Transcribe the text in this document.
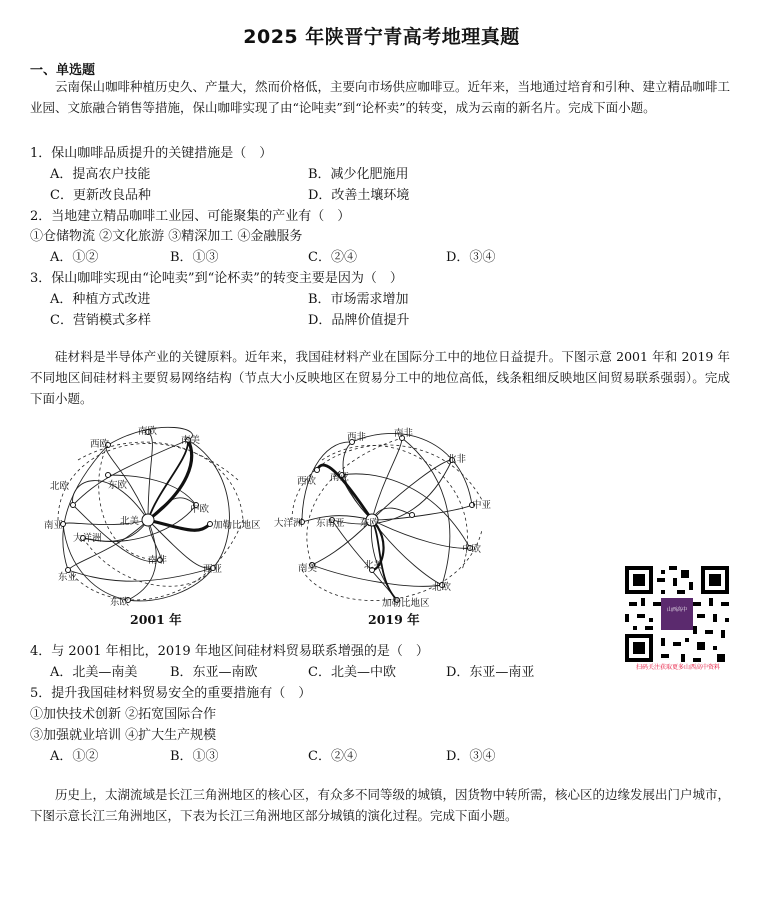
2025 年陕晋宁青高考地理真题
一、单选题
云南保山咖啡种植历史久、产量大，然而价格低，主要向市场供应咖啡豆。近年来，当地通过培育和引种、建立精品咖啡工业园、文旅融合销售等措施，保山咖啡实现了由“论吨卖”到“论杯卖”的转变，成为云南的新名片。完成下面小题。
1．保山咖啡品质提升的关键措施是（　）
A．提高农户技能	B．减少化肥施用
C．更新改良品种	D．改善土壤环境
2．当地建立精品咖啡工业园、可能聚集的产业有（　）
①仓储物流 ②文化旅游 ③精深加工 ④金融服务
A．①②	B．①③	C．②④	D．③④
3．保山咖啡实现由“论吨卖”到“论杯卖”的转变主要是因为（　）
A．种植方式改进	B．市场需求增加
C．营销模式多样	D．品牌价值提升
硅材料是半导体产业的关键原料。近年来，我国硅材料产业在国际分工中的地位日益提升。下图示意 2001 年和 2019 年不同地区间硅材料主要贸易网络结构（节点大小反映地区在贸易分工中的地位高低，线条粗细反映地区间贸易联系强弱）。完成下面小题。
南欧
南美
西欧
北欧	东欧
中欧
北美	加勒比地区
南亚
南非
大洋洲
西亚
东亚
东欧
2001 年
西非	南非
北非
南亚
西欧
中亚
大洋洲 东南亚 东欧
中欧
南美	北美
北欧
加勒比地区
2019 年
山西高中
扫码关注获取更多山西高中资料
4．与 2001 年相比，2019 年地区间硅材料贸易联系增强的是（　）
A．北美—南美	B．东亚—南欧	C．北美—中欧	D．东亚—南亚
5．提升我国硅材料贸易安全的重要措施有（　）
①加快技术创新 ②拓宽国际合作
③加强就业培训 ④扩大生产规模
A．①②	B．①③	C．②④	D．③④
历史上，太湖流域是长江三角洲地区的核心区，有众多不同等级的城镇，因货物中转所需，核心区的边缘发展出门户城市，下图示意长江三角洲地区，下表为长江三角洲地区部分城镇的演化过程。完成下面小题。
